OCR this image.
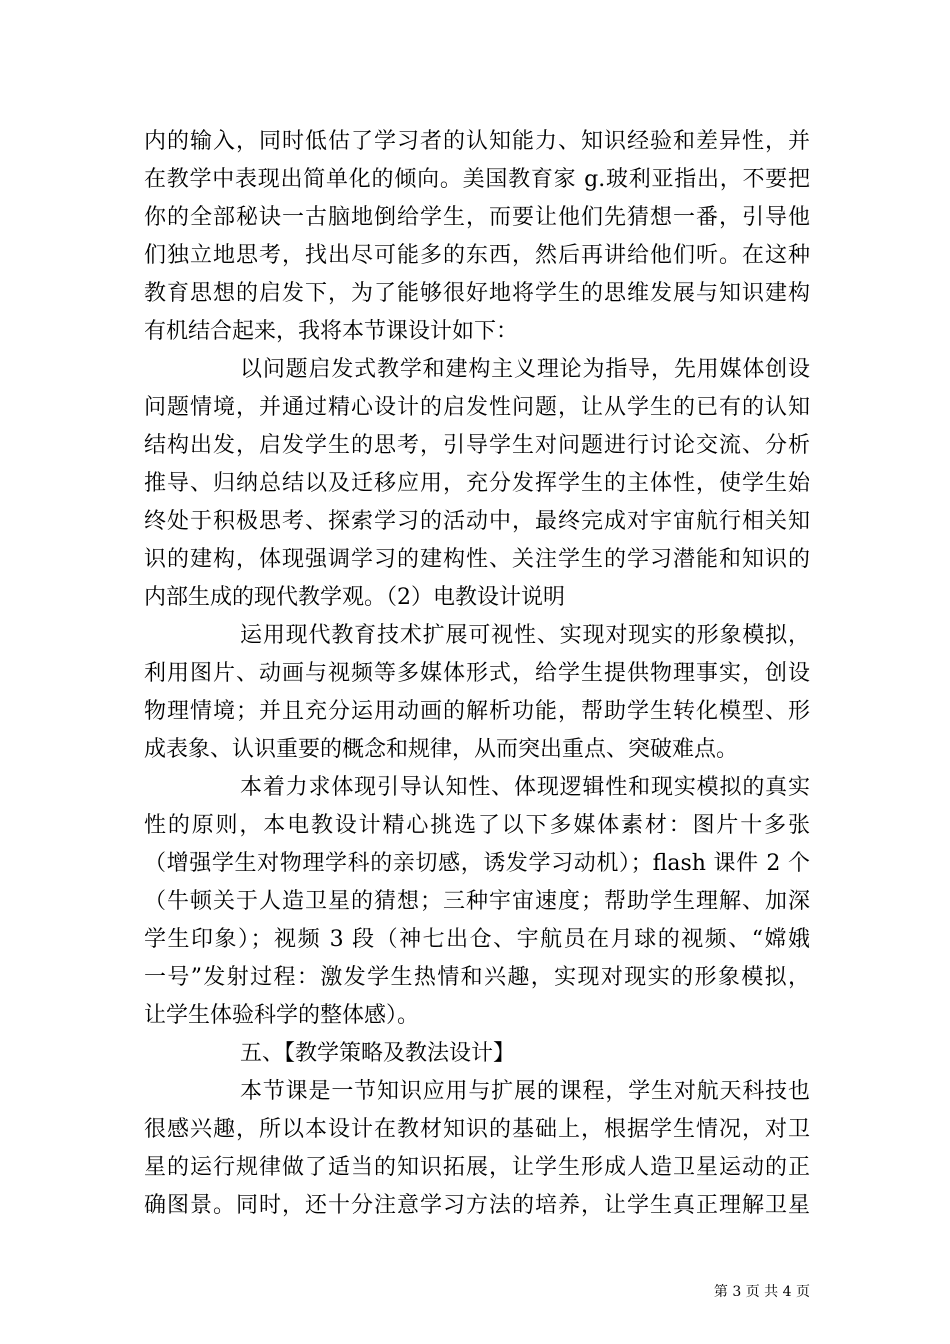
内的输入，同时低估了学习者的认知能力、知识经验和差异性，并
在教学中表现出简单化的倾向。美国教育家 g.玻利亚指出，不要把
你的全部秘诀一古脑地倒给学生，而要让他们先猜想一番，引导他
们独立地思考，找出尽可能多的东西，然后再讲给他们听。在这种
教育思想的启发下，为了能够很好地将学生的思维发展与知识建构
有机结合起来，我将本节课设计如下：
以问题启发式教学和建构主义理论为指导，先用媒体创设
问题情境，并通过精心设计的启发性问题，让从学生的已有的认知
结构出发，启发学生的思考，引导学生对问题进行讨论交流、分析
推导、归纳总结以及迁移应用，充分发挥学生的主体性，使学生始
终处于积极思考、探索学习的活动中，最终完成对宇宙航行相关知
识的建构，体现强调学习的建构性、关注学生的学习潜能和知识的
内部生成的现代教学观。（2）电教设计说明
运用现代教育技术扩展可视性、实现对现实的形象模拟，
利用图片、动画与视频等多媒体形式，给学生提供物理事实，创设
物理情境；并且充分运用动画的解析功能，帮助学生转化模型、形
成表象、认识重要的概念和规律，从而突出重点、突破难点。
本着力求体现引导认知性、体现逻辑性和现实模拟的真实
性的原则，本电教设计精心挑选了以下多媒体素材：图片十多张
（增强学生对物理学科的亲切感，诱发学习动机）；flash 课件 2 个
（牛顿关于人造卫星的猜想；三种宇宙速度；帮助学生理解、加深
学生印象）；视频 3 段（神七出仓、宇航员在月球的视频、“嫦娥
一号”发射过程：激发学生热情和兴趣，实现对现实的形象模拟，
让学生体验科学的整体感）。
五、【教学策略及教法设计】
本节课是一节知识应用与扩展的课程，学生对航天科技也
很感兴趣，所以本设计在教材知识的基础上，根据学生情况，对卫
星的运行规律做了适当的知识拓展，让学生形成人造卫星运动的正
确图景。同时，还十分注意学习方法的培养，让学生真正理解卫星
第 3 页 共 4 页
